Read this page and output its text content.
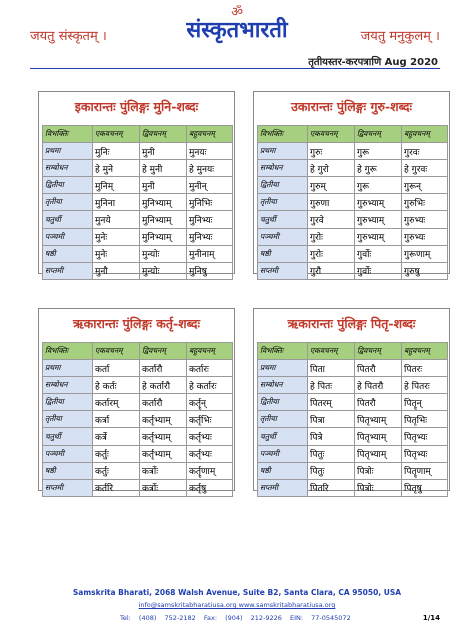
ॐ
जयतु संस्कृतम् ।	संस्कृतभारती	जयतु मनुकुलम् ।
तृतीयस्तर-करपत्राणि Aug 2020
इकारान्तः पुंलिङ्गः मुनि-शब्दः
विभक्तिः	एकवचनम्	द्विवचनम्	बहुवचनम्
प्रथमा	मुनिः	मुनी	मुनयः
सम्बोधन	हे मुने	हे मुनी	हे मुनयः
द्वितीया	मुनिम्	मुनी	मुनीन्
तृतीया	मुनिना	मुनिभ्याम्	मुनिभिः
चतुर्थी	मुनये	मुनिभ्याम्	मुनिभ्यः
पञ्चमी	मुनेः	मुनिभ्याम्	मुनिभ्यः
षष्ठी	मुनेः	मुन्योः	मुनीनाम्
सप्तमी	मुनौ	मुन्योः	मुनिषु
उकारान्तः पुंलिङ्गः गुरु-शब्दः
विभक्तिः	एकवचनम्	द्विवचनम्	बहुवचनम्
प्रथमा	गुरुः	गुरू	गुरवः
सम्बोधन	हे गुरो	हे गुरू	हे गुरवः
द्वितीया	गुरुम्	गुरू	गुरून्
तृतीया	गुरुणा	गुरुभ्याम्	गुरुभिः
चतुर्थी	गुरवे	गुरुभ्याम्	गुरुभ्यः
पञ्चमी	गुरोः	गुरुभ्याम्	गुरुभ्यः
षष्ठी	गुरोः	गुर्वोः	गुरूणाम्
सप्तमी	गुरौ	गुर्वोः	गुरुषु
ऋकारान्तः पुंलिङ्गः कर्तृ-शब्दः
विभक्तिः	एकवचनम्	द्विवचनम्	बहुवचनम्
प्रथमा	कर्ता	कर्तारौ	कर्तारः
सम्बोधन	हे कर्तः	हे कर्तारौ	हे कर्तारः
द्वितीया	कर्तारम्	कर्तारौ	कर्तॄन्
तृतीया	कर्त्रा	कर्तृभ्याम्	कर्तृभिः
चतुर्थी	कर्त्रे	कर्तृभ्याम्	कर्तृभ्यः
पञ्चमी	कर्तुः	कर्तृभ्याम्	कर्तृभ्यः
षष्ठी	कर्तुः	कर्त्रोः	कर्तॄणाम्
सप्तमी	कर्तरि	कर्त्रोः	कर्तृषु
ऋकारान्तः पुंलिङ्गः पितृ-शब्दः
विभक्तिः	एकवचनम्	द्विवचनम्	बहुवचनम्
प्रथमा	पिता	पितरौ	पितरः
सम्बोधन	हे पितः	हे पितरौ	हे पितरः
द्वितीया	पितरम्	पितरौ	पितॄन्
तृतीया	पित्रा	पितृभ्याम्	पितृभिः
चतुर्थी	पित्रे	पितृभ्याम्	पितृभ्यः
पञ्चमी	पितुः	पितृभ्याम्	पितृभ्यः
षष्ठी	पितुः	पित्रोः	पितॄणाम्
सप्तमी	पितरि	पित्रोः	पितृषु
Samskrita Bharati, 2068 Walsh Avenue, Suite B2, Santa Clara, CA 95050, USA
info@samskritabharatiusa.org www.samskritabharatiusa.org
Tel: (408) 752-2182 Fax: (904) 212-9226 EIN: 77-0545072	1/14
